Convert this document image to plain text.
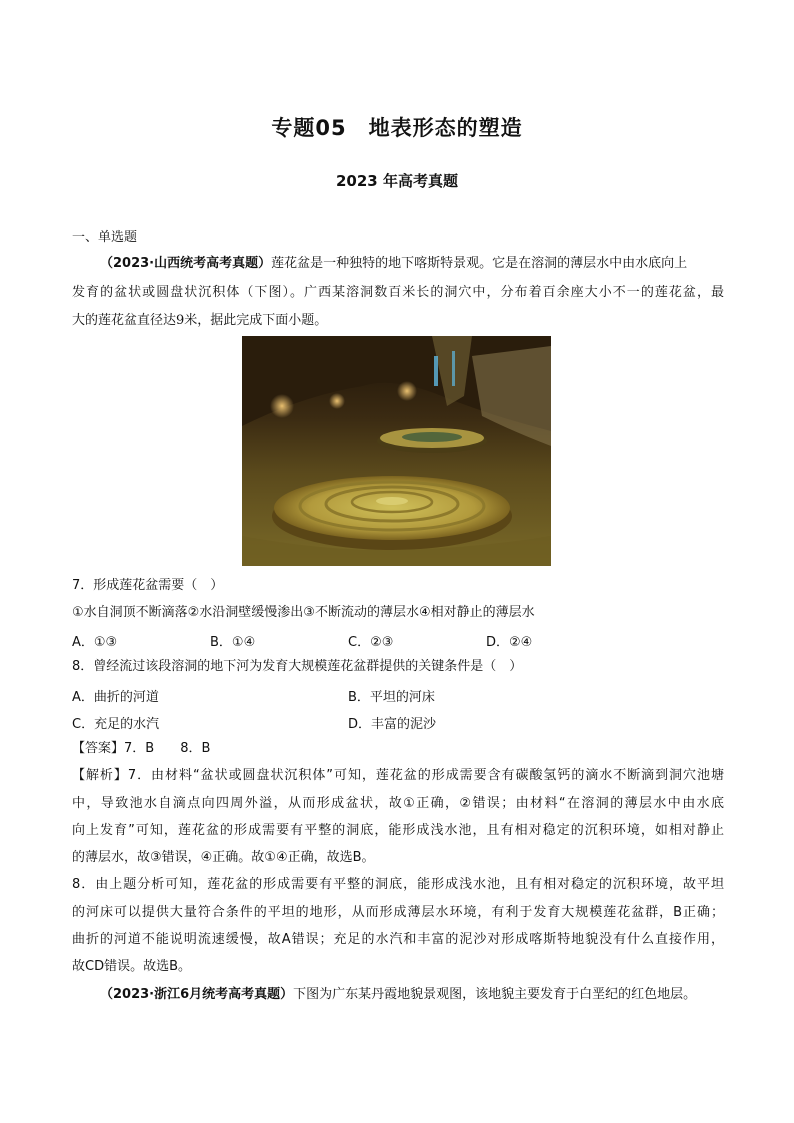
专题05　地表形态的塑造
2023 年高考真题
一、单选题
（2023·山西统考高考真题）莲花盆是一种独特的地下喀斯特景观。它是在溶洞的薄层水中由水底向上
发育的盆状或圆盘状沉积体（下图）。广西某溶洞数百米长的洞穴中，分布着百余座大小不一的莲花盆，最
大的莲花盆直径达9米，据此完成下面小题。
7．形成莲花盆需要（　）
①水自洞顶不断滴落②水沿洞壁缓慢渗出③不断流动的薄层水④相对静止的薄层水
A．①③	B．①④	C．②③	D．②④
8．曾经流过该段溶洞的地下河为发育大规模莲花盆群提供的关键条件是（　）
A．曲折的河道	B．平坦的河床
C．充足的水汽	D．丰富的泥沙
【答案】7．B　　8．B
【解析】7．由材料“盆状或圆盘状沉积体”可知，莲花盆的形成需要含有碳酸氢钙的滴水不断滴到洞穴池塘
中，导致池水自滴点向四周外溢，从而形成盆状，故①正确，②错误；由材料“在溶洞的薄层水中由水底
向上发育”可知，莲花盆的形成需要有平整的洞底，能形成浅水池，且有相对稳定的沉积环境，如相对静止
的薄层水，故③错误，④正确。故①④正确，故选B。
8．由上题分析可知，莲花盆的形成需要有平整的洞底，能形成浅水池，且有相对稳定的沉积环境，故平坦
的河床可以提供大量符合条件的平坦的地形，从而形成薄层水环境，有利于发育大规模莲花盆群，B正确；
曲折的河道不能说明流速缓慢，故A错误；充足的水汽和丰富的泥沙对形成喀斯特地貌没有什么直接作用，
故CD错误。故选B。
（2023·浙江6月统考高考真题）下图为广东某丹霞地貌景观图，该地貌主要发育于白垩纪的红色地层。
